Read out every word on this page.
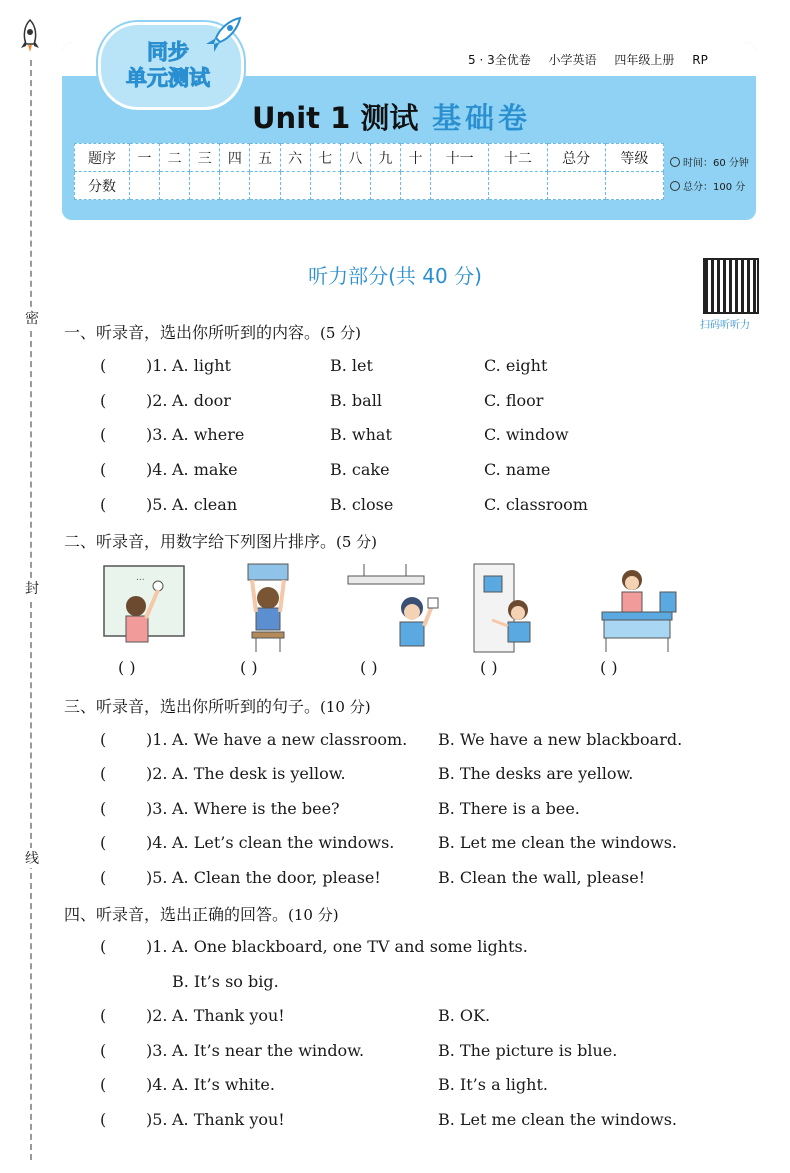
密
封
线
同步
单元测试
5 · 3全优卷 小学英语 四年级上册 RP
Unit 1 测试 基础卷
题序	一	二	三	四	五	六	七	八	九	十	十一	十二	总分	等级
分数														
时间：60 分钟
总分：100 分
听力部分(共 40 分)
扫码听听力
一、听录音，选出你所听到的内容。(5 分)
( )1. A. light	B. let	C. eight
( )2. A. door	B. ball	C. floor
( )3. A. where	B. what	C. window
( )4. A. make	B. cake	C. name
( )5. A. clean	B. close	C. classroom
二、听录音，用数字给下列图片排序。(5 分)
...
( )	( )	( )	( )	( )
三、听录音，选出你所听到的句子。(10 分)
( )1. A. We have a new classroom. B. We have a new blackboard.
( )2. A. The desk is yellow.	B. The desks are yellow.
( )3. A. Where is the bee?	B. There is a bee.
( )4. A. Let’s clean the windows.	B. Let me clean the windows.
( )5. A. Clean the door, please!	B. Clean the wall, please!
四、听录音，选出正确的回答。(10 分)
( )1. A. One blackboard, one TV and some lights.
B. It’s so big.
( )2. A. Thank you!	B. OK.
( )3. A. It’s near the window.	B. The picture is blue.
( )4. A. It’s white.	B. It’s a light.
( )5. A. Thank you!	B. Let me clean the windows.
